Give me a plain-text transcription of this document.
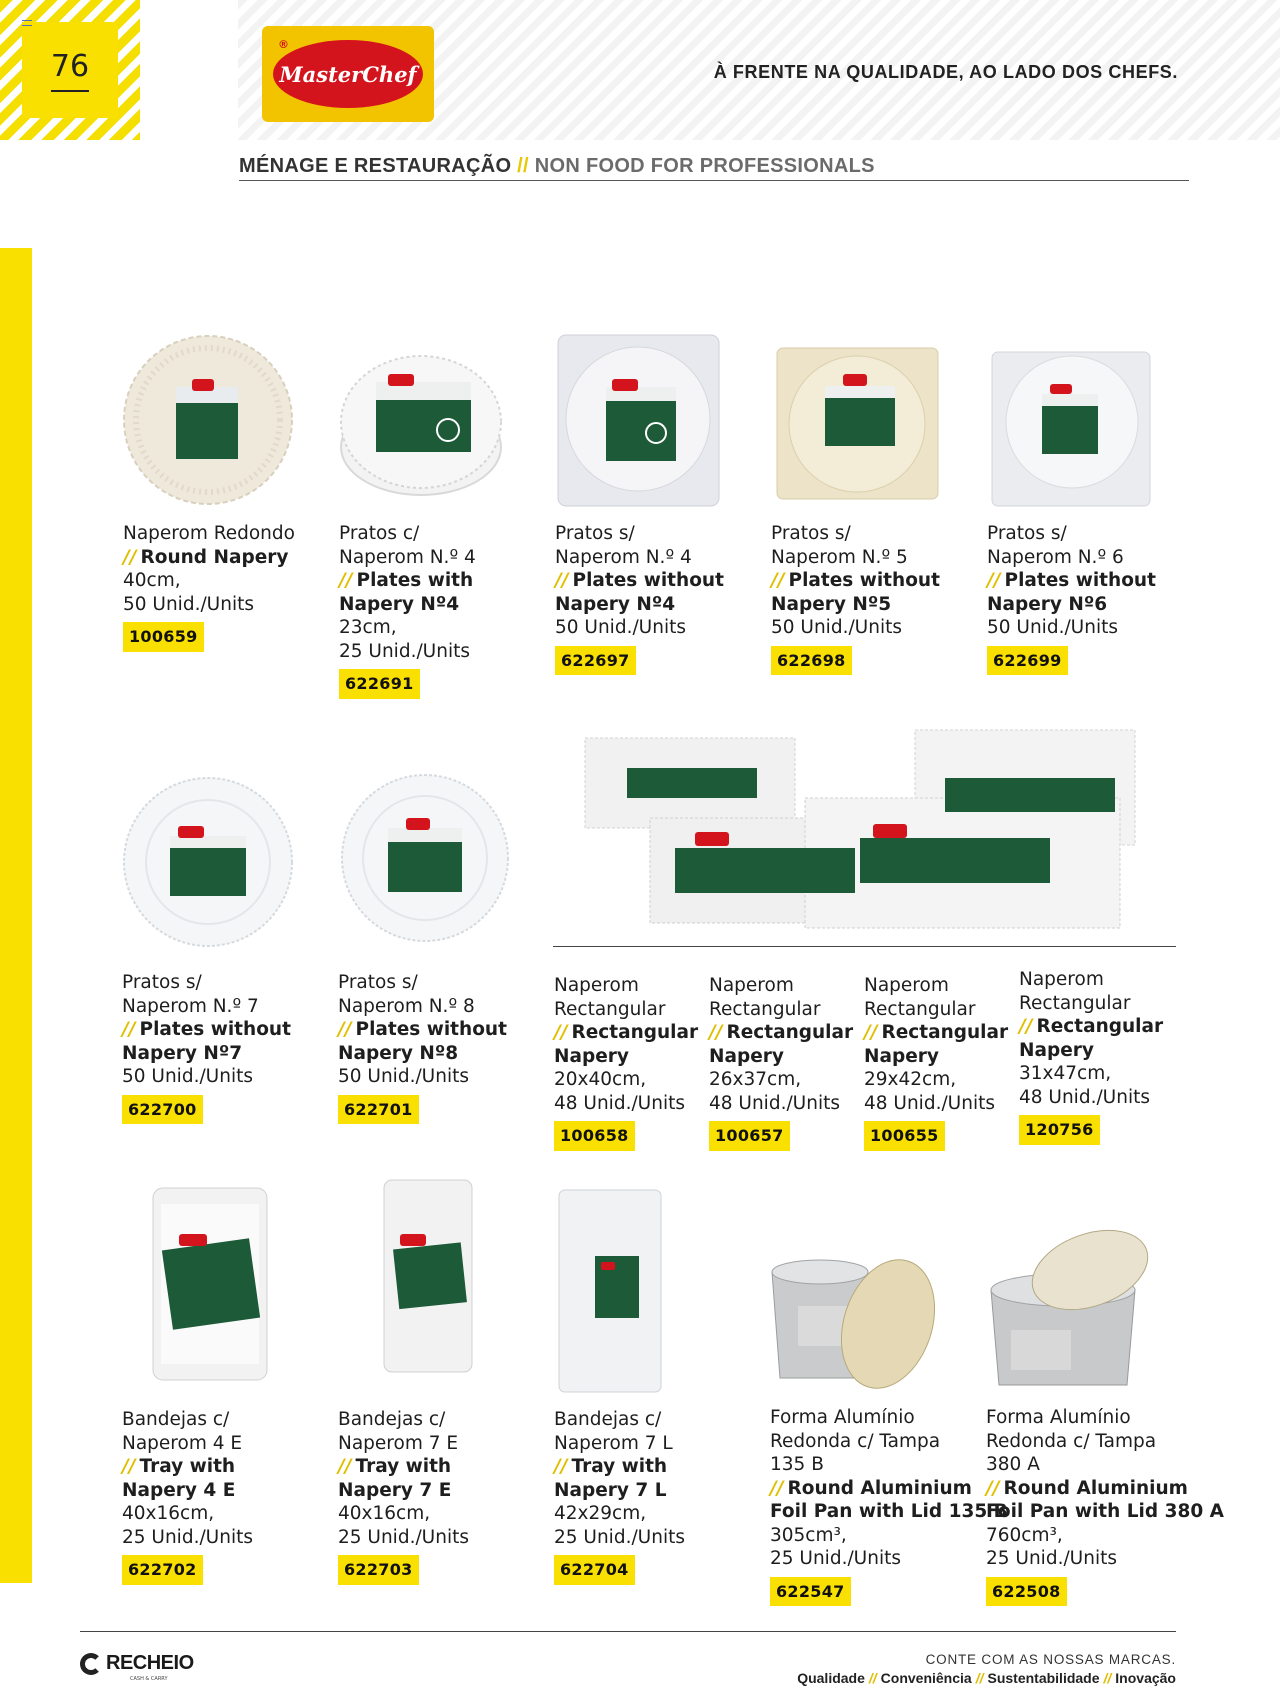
76
®
MasterChef	À FRENTE NA QUALIDADE, AO LADO DOS CHEFS.
MÉNAGE E RESTAURAÇÃO // NON FOOD FOR PROFESSIONALS
Naperom Redondo
// Round Napery
40cm,
50 Unid./Units
100659
Pratos c/
Naperom N.º 4
// Plates with
Napery Nº4
23cm,
25 Unid./Units
622691
Pratos s/
Naperom N.º 4
// Plates without
Napery Nº4
50 Unid./Units
622697
Pratos s/
Naperom N.º 5
// Plates without
Napery Nº5
50 Unid./Units
622698
Pratos s/
Naperom N.º 6
// Plates without
Napery Nº6
50 Unid./Units
622699
Pratos s/
Naperom N.º 7
// Plates without
Napery Nº7
50 Unid./Units
622700
Pratos s/
Naperom N.º 8
// Plates without
Napery Nº8
50 Unid./Units
622701
Naperom
Rectangular
// Rectangular
Napery
20x40cm,
48 Unid./Units
100658
Naperom
Rectangular
// Rectangular
Napery
26x37cm,
48 Unid./Units
100657
Naperom
Rectangular
// Rectangular
Napery
29x42cm,
48 Unid./Units
100655
Naperom
Rectangular
// Rectangular
Napery
31x47cm,
48 Unid./Units
120756
Bandejas c/
Naperom 4 E
// Tray with
Napery 4 E
40x16cm,
25 Unid./Units
622702
Bandejas c/
Naperom 7 E
// Tray with
Napery 7 E
40x16cm,
25 Unid./Units
622703
Bandejas c/
Naperom 7 L
// Tray with
Napery 7 L
42x29cm,
25 Unid./Units
622704
Forma Alumínio
Redonda c/ Tampa
135 B
// Round Aluminium
Foil Pan with Lid 135 B
305cm³,
25 Unid./Units
622547
Forma Alumínio
Redonda c/ Tampa
380 A
// Round Aluminium
Foil Pan with Lid 380 A
760cm³,
25 Unid./Units
622508
RECHEIO
CASH & CARRY
CONTE COM AS NOSSAS MARCAS.
Qualidade // Conveniência // Sustentabilidade // Inovação
